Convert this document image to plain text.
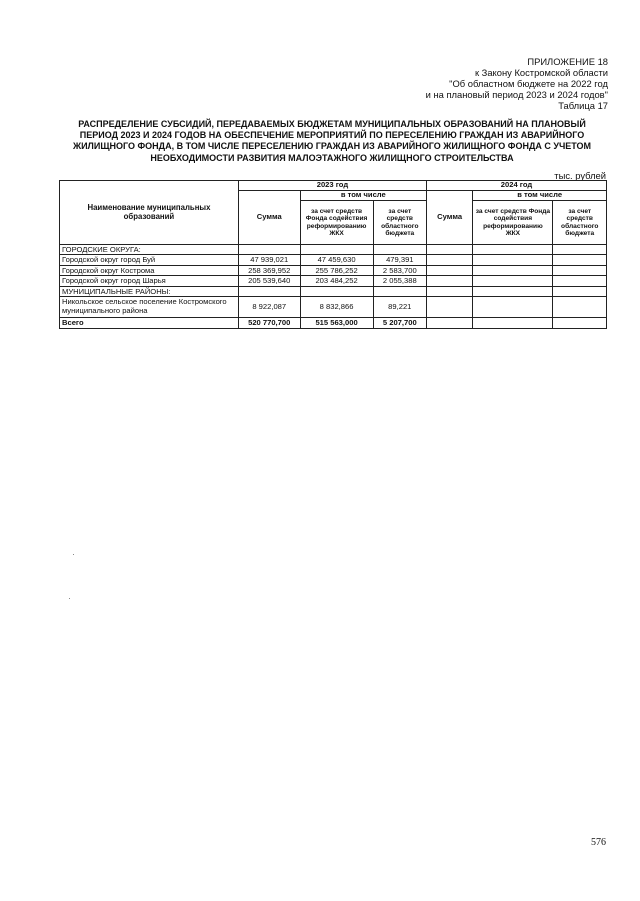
ПРИЛОЖЕНИЕ 18
к Закону Костромской области
"Об областном бюджете на 2022 год
и на плановый период 2023 и 2024 годов"
Таблица 17
РАСПРЕДЕЛЕНИЕ СУБСИДИЙ, ПЕРЕДАВАЕМЫХ БЮДЖЕТАМ МУНИЦИПАЛЬНЫХ ОБРАЗОВАНИЙ НА ПЛАНОВЫЙ ПЕРИОД 2023 И 2024 ГОДОВ НА ОБЕСПЕЧЕНИЕ МЕРОПРИЯТИЙ ПО ПЕРЕСЕЛЕНИЮ ГРАЖДАН ИЗ АВАРИЙНОГО ЖИЛИЩНОГО ФОНДА, В ТОМ ЧИСЛЕ ПЕРЕСЕЛЕНИЮ ГРАЖДАН ИЗ АВАРИЙНОГО ЖИЛИЩНОГО ФОНДА С УЧЕТОМ НЕОБХОДИМОСТИ РАЗВИТИЯ МАЛОЭТАЖНОГО ЖИЛИЩНОГО СТРОИТЕЛЬСТВА
тыс. рублей
Наименование муниципальных образований	2023 год			2024 год		
	Сумма	в том числе		Сумма	в том числе	
		за счет средств Фонда содействия реформированию ЖКХ	за счет средств областного бюджета		за счет средств Фонда содействия реформированию ЖКХ	за счет средств областного бюджета
ГОРОДСКИЕ ОКРУГА:						
Городской округ город Буй	47 939,021	47 459,630	479,391			
Городской округ Кострома	258 369,952	255 786,252	2 583,700			
Городской округ город Шарья	205 539,640	203 484,252	2 055,388			
МУНИЦИПАЛЬНЫЕ РАЙОНЫ:						
Никольское сельское поселение Костромского муниципального района	8 922,087	8 832,866	89,221			
Всего	520 770,700	515 563,000	5 207,700			
576
